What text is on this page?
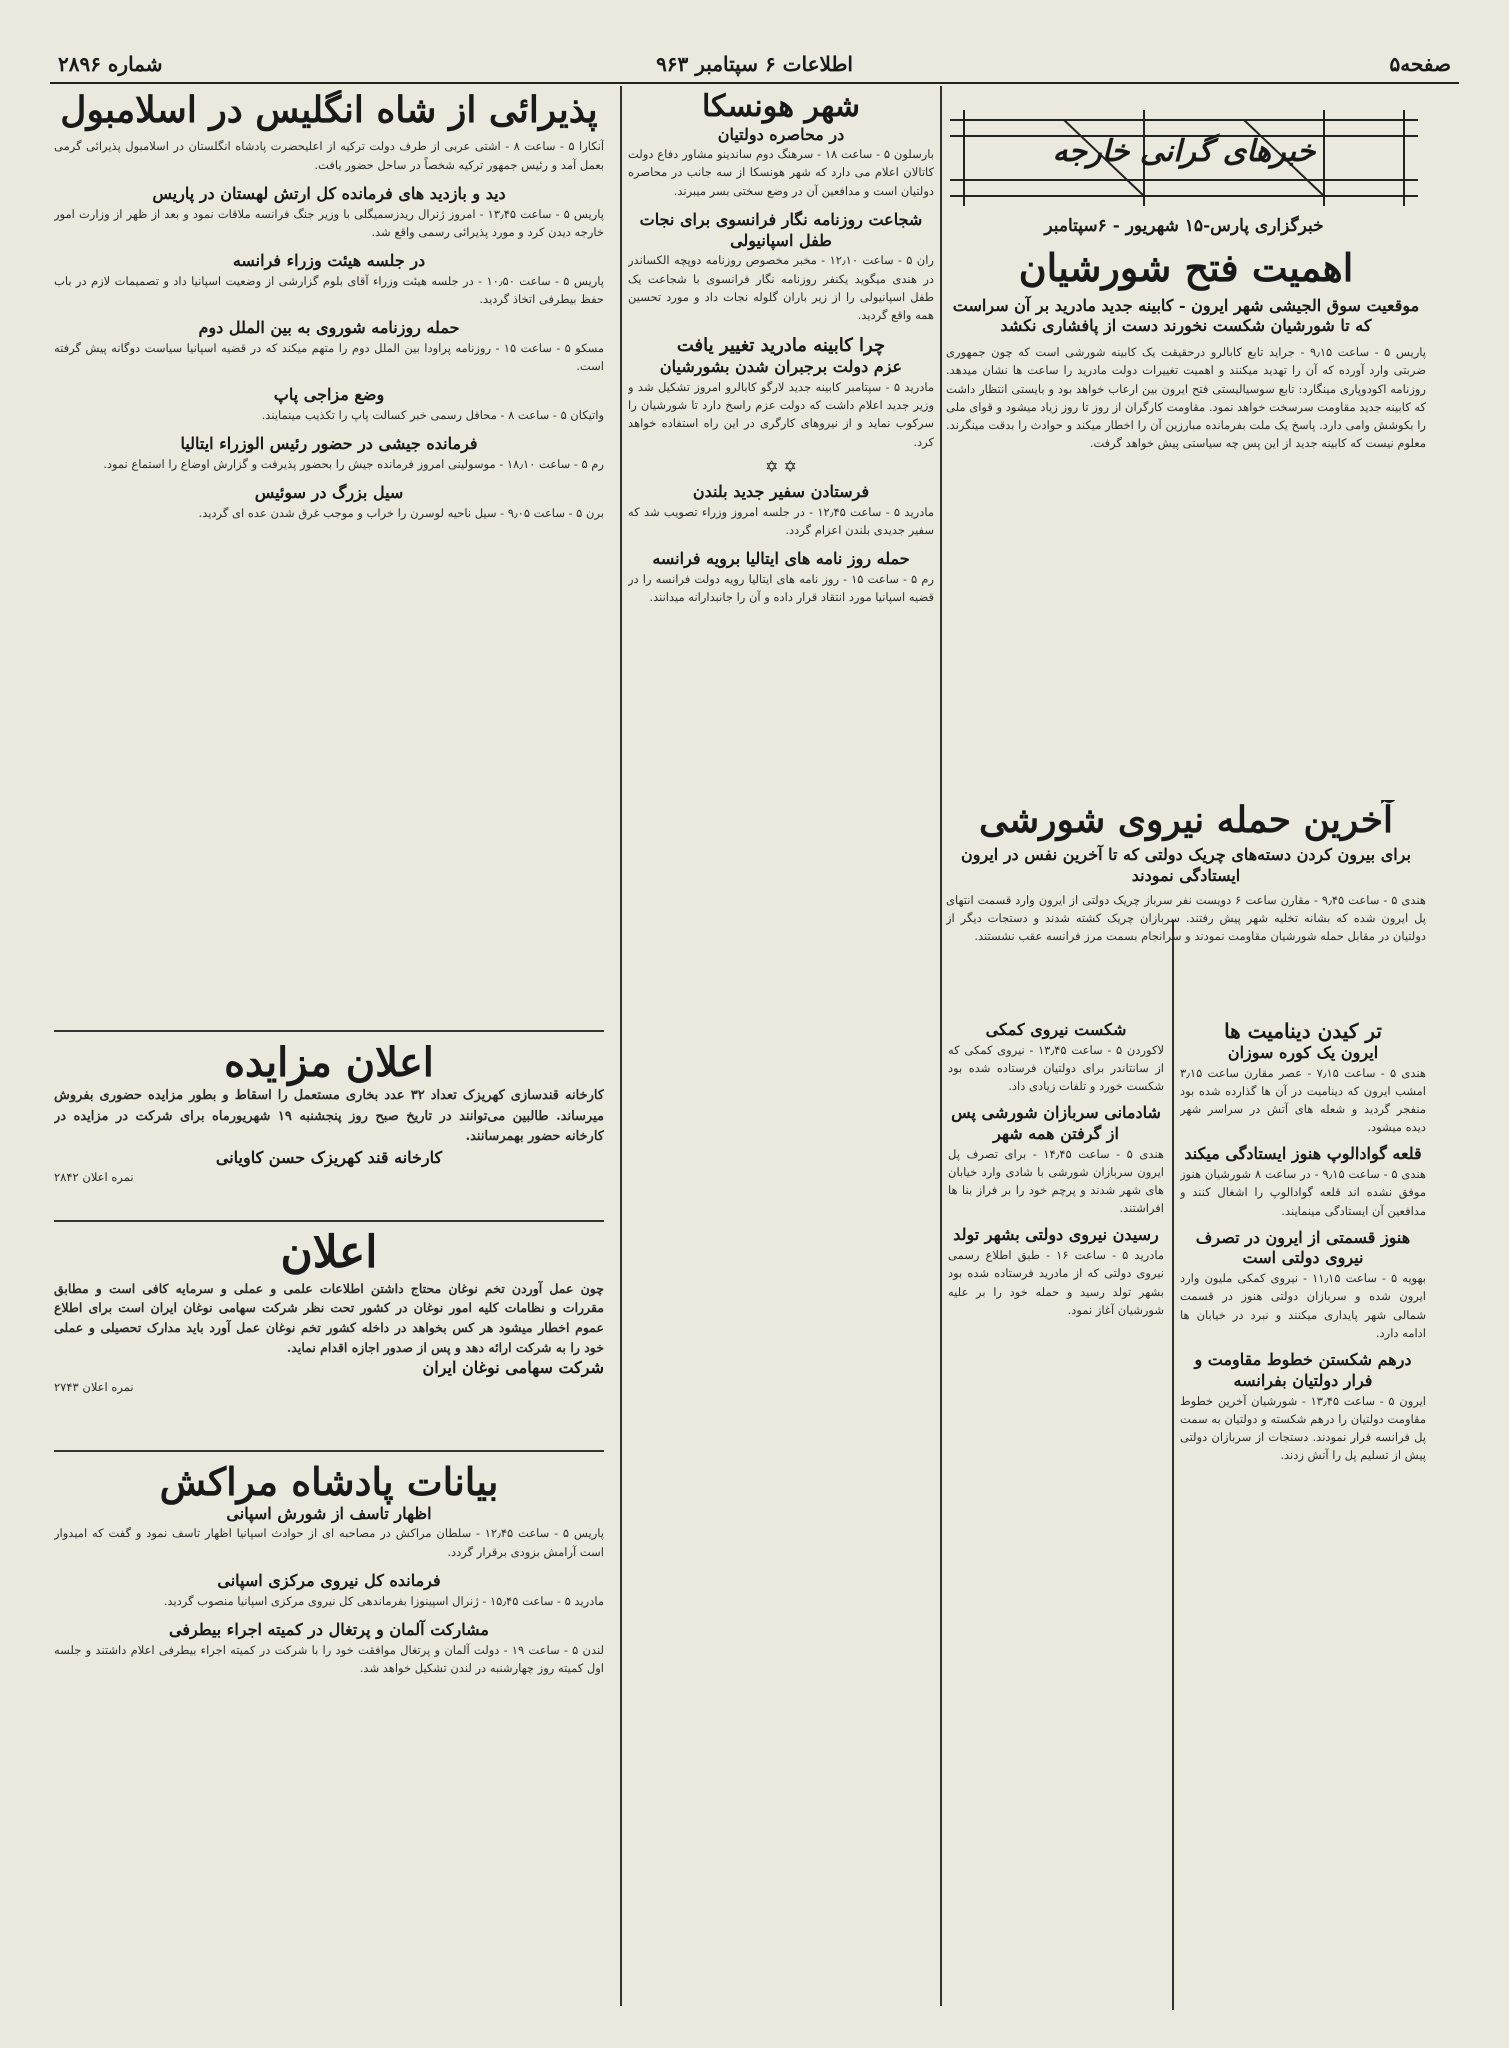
صفحه۵
اطلاعات ۶ سپتامبر ۹۶۳
شماره ۲۸۹۶
خبرهای گرانی خارجه
خبرگزاری پارس-۱۵ شهریور - ۶سپتامبر
اهمیت فتح شورشیان
موقعیت سوق الجیشی شهر ایرون - کابینه جدید مادرید بر آن سراست که تا شورشیان شکست نخورند دست از پافشاری نکشد
پاریس ۵ - ساعت ۹٫۱۵ - جراید تابع کابالرو درحقیقت یک کابینه شورشی است که چون جمهوری ضربتی وارد آورده که آن را تهدید میکنند و اهمیت تغییرات دولت مادرید را ساعت ها نشان میدهد. روزنامه اکودوپاری مینگارد: تابع سوسیالیستی فتح ایرون بین ارعاب خواهد بود و بایستی انتظار داشت که کابینه جدید مقاومت سرسخت خواهد نمود. مقاومت کارگران از روز تا روز زیاد میشود و قوای ملی را بکوشش وامی دارد. پاسخ یک ملت بفرمانده مبارزین آن را اخطار میکند و حوادث را بدقت مینگرند. معلوم نیست که کابینه جدید از این پس چه سیاستی پیش خواهد گرفت.
آخرین حمله نیروی شورشی
برای بیرون کردن دسته‌های چریک دولتی که تا آخرین نفس در ایرون ایستادگی نمودند
هندی ۵ - ساعت ۹٫۴۵ - مقارن ساعت ۶ دویست نفر سرباز چریک دولتی از ایرون وارد قسمت انتهای پل ایرون شده که بشانه تخلیه شهر پیش رفتند. سربازان چریک کشته شدند و دستجات دیگر از دولتیان در مقابل حمله شورشیان مقاومت نمودند و سرانجام بسمت مرز فرانسه عقب نشستند.
تر کیدن دینامیت ها
ایرون یک کوره سوزان
هندی ۵ - ساعت ۷٫۱۵ - عصر مقارن ساعت ۳٫۱۵ امشب ایرون که دینامیت در آن ها گذارده شده بود منفجر گردید و شعله های آتش در سراسر شهر دیده میشود.
قلعه گوادالوپ هنوز ایستادگی میکند
هندی ۵ - ساعت ۹٫۱۵ - در ساعت ۸ شورشیان هنوز موفق نشده اند قلعه گوادالوپ را اشغال کنند و مدافعین آن ایستادگی مینمایند.
هنوز قسمتی از ایرون در تصرف نیروی دولتی است
بهویه ۵ - ساعت ۱۱٫۱۵ - نیروی کمکی ملیون وارد ایرون شده و سربازان دولتی هنوز در قسمت شمالی شهر پایداری میکنند و نبرد در خیابان ها ادامه دارد.
درهم شکستن خطوط مقاومت و فرار دولتیان بفرانسه
ایرون ۵ - ساعت ۱۳٫۴۵ - شورشیان آخرین خطوط مقاومت دولتیان را درهم شکسته و دولتیان به سمت پل فرانسه فرار نمودند. دستجات از سربازان دولتی پیش از تسلیم پل را آتش زدند.
شکست نیروی کمکی
لاکوردن ۵ - ساعت ۱۳٫۴۵ - نیروی کمکی که از سانتاندر برای دولتیان فرستاده شده بود شکست خورد و تلفات زیادی داد.
شادمانی سربازان شورشی پس از گرفتن همه شهر
هندی ۵ - ساعت ۱۴٫۴۵ - برای تصرف پل ایرون سربازان شورشی با شادی وارد خیابان های شهر شدند و پرچم خود را بر فراز بنا ها افراشتند.
رسیدن نیروی دولتی بشهر تولد
مادرید ۵ - ساعت ۱۶ - طبق اطلاع رسمی نیروی دولتی که از مادرید فرستاده شده بود بشهر تولد رسید و حمله خود را بر علیه شورشیان آغاز نمود.
شهر هونسکا
در محاصره دولتیان
بارسلون ۵ - ساعت ۱۸ - سرهنگ دوم ساندینو مشاور دفاع دولت کاتالان اعلام می دارد که شهر هونسکا از سه جانب در محاصره دولتیان است و مدافعین آن در وضع سختی بسر میبرند.
شجاعت روزنامه نگار فرانسوی برای نجات طفل اسپانیولی
ران ۵ - ساعت ۱۲٫۱۰ - مخبر مخصوص روزنامه دوپچه الکساندر در هندی میگوید یکنفر روزنامه نگار فرانسوی با شجاعت یک طفل اسپانیولی را از زیر باران گلوله نجات داد و مورد تحسین همه واقع گردید.
چرا کابینه مادرید تغییر یافت
عزم دولت برجبران شدن بشورشیان
مادرید ۵ - سپتامبر کابینه جدید لارگو کابالرو امروز تشکیل شد و وزیر جدید اعلام داشت که دولت عزم راسخ دارد تا شورشیان را سرکوب نماید و از نیروهای کارگری در این راه استفاده خواهد کرد.
✡ ✡
فرستادن سفیر جدید بلندن
مادرید ۵ - ساعت ۱۲٫۴۵ - در جلسه امروز وزراء تصویب شد که سفیر جدیدی بلندن اعزام گردد.
حمله روز نامه های ایتالیا برویه فرانسه
رم ۵ - ساعت ۱۵ - روز نامه های ایتالیا رویه دولت فرانسه را در قضیه اسپانیا مورد انتقاد قرار داده و آن را جانبدارانه میدانند.
پذیرائی از شاه انگلیس در اسلامبول
آنکارا ۵ - ساعت ۸ - اشتی عربی از طرف دولت ترکیه از اعلیحضرت پادشاه انگلستان در اسلامبول پذیرائی گرمی بعمل آمد و رئیس جمهور ترکیه شخصاً در ساحل حضور یافت.
دید و بازدید های فرمانده کل ارتش لهستان در پاریس
پاریس ۵ - ساعت ۱۳٫۴۵ - امروز ژنرال ریدزسمیگلی با وزیر جنگ فرانسه ملاقات نمود و بعد از ظهر از وزارت امور خارجه دیدن کرد و مورد پذیرائی رسمی واقع شد.
در جلسه هیئت وزراء فرانسه
پاریس ۵ - ساعت ۱۰٫۵۰ - در جلسه هیئت وزراء آقای بلوم گزارشی از وضعیت اسپانیا داد و تصمیمات لازم در باب حفظ بیطرفی اتخاذ گردید.
حمله روزنامه شوروی به بین الملل دوم
مسکو ۵ - ساعت ۱۵ - روزنامه پراودا بین الملل دوم را متهم میکند که در قضیه اسپانیا سیاست دوگانه پیش گرفته است.
وضع مزاجی پاپ
واتیکان ۵ - ساعت ۸ - محافل رسمی خبر کسالت پاپ را تکذیب مینمایند.
فرمانده جیشی در حضور رئیس الوزراء ایتالیا
رم ۵ - ساعت ۱۸٫۱۰ - موسولینی امروز فرمانده جیش را بحضور پذیرفت و گزارش اوضاع را استماع نمود.
سیل بزرگ در سوئیس
برن ۵ - ساعت ۹٫۰۵ - سیل ناحیه لوسرن را خراب و موجب غرق شدن عده ای گردید.
اعلان مزایده
کارخانه قندسازی کهریزک تعداد ۳۲ عدد بخاری مستعمل را اسقاط و بطور مزایده حضوری بفروش میرساند. طالبین می‌توانند در تاریخ صبح روز پنجشنبه ۱۹ شهریورماه برای شرکت در مزایده در کارخانه حضور بهمرسانند.
کارخانه قند کهریزک حسن کاویانی
نمره اعلان ۲۸۴۲
اعلان
چون عمل آوردن تخم نوغان محتاج داشتن اطلاعات علمی و عملی و سرمایه کافی است و مطابق مقررات و نظامات کلیه امور نوغان در کشور تحت نظر شرکت سهامی نوغان ایران است برای اطلاع عموم اخطار میشود هر کس بخواهد در داخله کشور تخم نوغان عمل آورد باید مدارک تحصیلی و عملی خود را به شرکت ارائه دهد و پس از صدور اجازه اقدام نماید.
شرکت سهامی نوغان ایران
نمره اعلان ۲۷۴۳
بیانات پادشاه مراکش
اظهار تاسف از شورش اسپانی
پاریس ۵ - ساعت ۱۲٫۴۵ - سلطان مراکش در مصاحبه ای از حوادث اسپانیا اظهار تاسف نمود و گفت که امیدوار است آرامش بزودی برقرار گردد.
فرمانده کل نیروی مرکزی اسپانی
مادرید ۵ - ساعت ۱۵٫۴۵ - ژنرال اسپینوزا بفرماندهی کل نیروی مرکزی اسپانیا منصوب گردید.
مشارکت آلمان و پرتغال در کمیته اجراء بیطرفی
لندن ۵ - ساعت ۱۹ - دولت آلمان و پرتغال موافقت خود را با شرکت در کمیته اجراء بیطرفی اعلام داشتند و جلسه اول کمیته روز چهارشنبه در لندن تشکیل خواهد شد.
